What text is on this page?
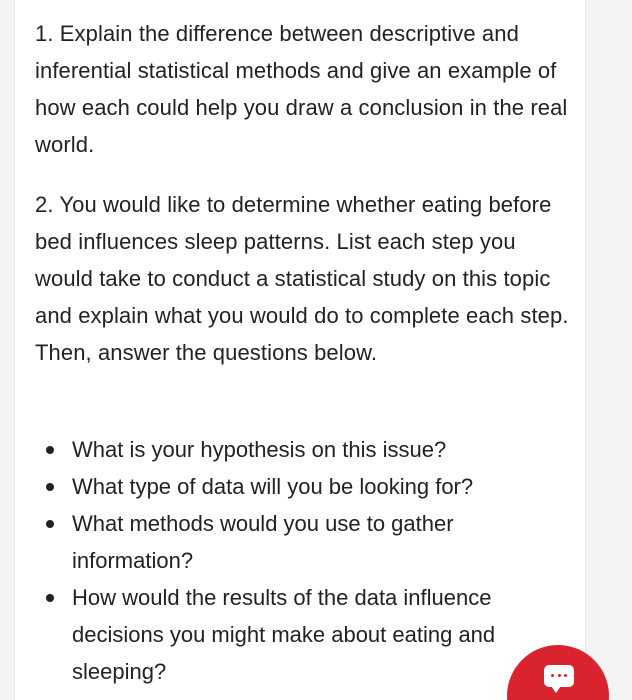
1. Explain the difference between descriptive and inferential statistical methods and give an example of how each could help you draw a conclusion in the real world.

2. You would like to determine whether eating before bed influences sleep patterns. List each step you would take to conduct a statistical study on this topic and explain what you would do to complete each step. Then, answer the questions below.

What is your hypothesis on this issue?
What type of data will you be looking for?
What methods would you use to gather information?
How would the results of the data influence decisions you might make about eating and sleeping?
